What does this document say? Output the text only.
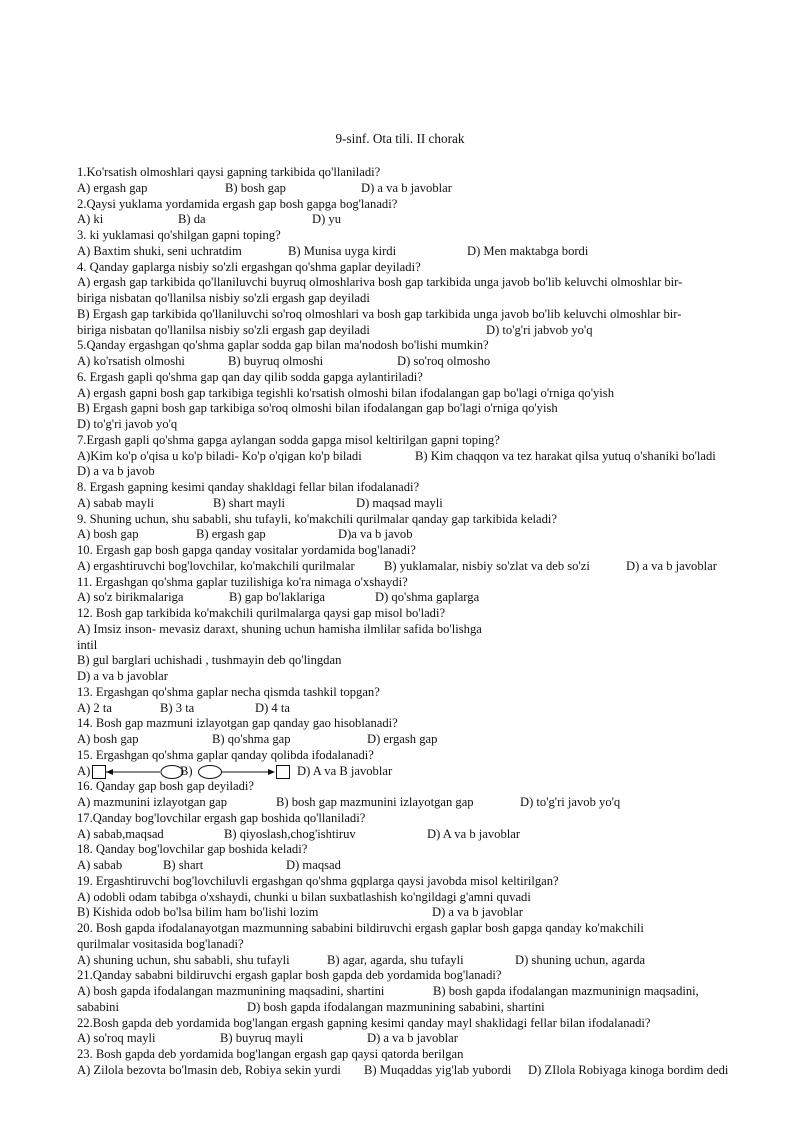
9-sinf. Ota tili. II chorak
1.Ko'rsatish olmoshlari qaysi gapning tarkibida qo'llaniladi?
A) ergash gap	B) bosh gap	D) a va b javoblar
2.Qaysi yuklama yordamida ergash gap bosh gapga bog'lanadi?
A) ki	B) da	D) yu
3. ki yuklamasi qo'shilgan gapni toping?
A) Baxtim shuki, seni uchratdim	B) Munisa uyga kirdi	D) Men maktabga bordi
4. Qanday gaplarga nisbiy so'zli ergashgan qo'shma gaplar deyiladi?
A) ergash gap tarkibida qo'llaniluvchi buyruq olmoshlariva bosh gap tarkibida unga javob bo'lib keluvchi olmoshlar bir-
biriga nisbatan qo'llanilsa nisbiy so'zli ergash gap deyiladi
B) Ergash gap tarkibida qo'llaniluvchi so'roq olmoshlari va bosh gap tarkibida unga javob bo'lib keluvchi olmoshlar bir-
biriga nisbatan qo'llanilsa nisbiy so'zli ergash gap deyiladi	D) to'g'ri jabvob yo'q
5.Qanday ergashgan qo'shma gaplar sodda gap bilan ma'nodosh bo'lishi mumkin?
A) ko'rsatish olmoshi	B) buyruq olmoshi	D) so'roq olmosho
6. Ergash gapli qo'shma gap qan day qilib sodda gapga aylantiriladi?
A) ergash gapni bosh gap tarkibiga tegishli ko'rsatish olmoshi bilan ifodalangan gap bo'lagi o'rniga qo'yish
B) Ergash gapni bosh gap tarkibiga so'roq olmoshi bilan ifodalangan gap bo'lagi o'rniga qo'yish
D) to'g'ri javob yo'q
7.Ergash gapli qo'shma gapga aylangan sodda gapga misol keltirilgan gapni toping?
A)Kim ko'p o'qisa u ko'p biladi- Ko'p o'qigan ko'p biladi	B) Kim chaqqon va tez harakat qilsa yutuq o'shaniki bo'ladi
D) a va b javob
8. Ergash gapning kesimi qanday shakldagi fellar bilan ifodalanadi?
A) sabab mayli	B) shart mayli	D) maqsad mayli
9. Shuning uchun, shu sababli, shu tufayli, ko'makchili qurilmalar qanday gap tarkibida keladi?
A) bosh gap	B) ergash gap	D)a va b javob
10. Ergash gap bosh gapga qanday vositalar yordamida bog'lanadi?
A) ergashtiruvchi bog'lovchilar, ko'makchili qurilmalar B) yuklamalar, nisbiy so'zlat va deb so'zi	D) a va b javoblar
11. Ergashgan qo'shma gaplar tuzilishiga ko'ra nimaga o'xshaydi?
A) so'z birikmalariga	B) gap bo'laklariga	D) qo'shma gaplarga
12. Bosh gap tarkibida ko'makchili qurilmalarga qaysi gap misol bo'ladi?
A) Imsiz inson- mevasiz daraxt, shuning uchun hamisha ilmlilar safida bo'lishga
intil
B) gul barglari uchishadi , tushmayin deb qo'lingdan
D) a va b javoblar
13. Ergashgan qo'shma gaplar necha qismda tashkil topgan?
A) 2 ta	B) 3 ta	D) 4 ta
14. Bosh gap mazmuni izlayotgan gap qanday gao hisoblanadi?
A) bosh gap	B) qo'shma gap	D) ergash gap
15. Ergashgan qo'shma gaplar qanday qolibda ifodalanadi?
A)	B)	D) A va B javoblar
16. Qanday gap bosh gap deyiladi?
A) mazmunini izlayotgan gap	B) bosh gap mazmunini izlayotgan gap	D) to'g'ri javob yo'q
17.Qanday bog'lovchilar ergash gap boshida qo'llaniladi?
A) sabab,maqsad	B) qiyoslash,chog'ishtiruv	D) A va b javoblar
18. Qanday bog'lovchilar gap boshida keladi?
A) sabab	B) shart	D) maqsad
19. Ergashtiruvchi bog'lovchiluvli ergashgan qo'shma gqplarga qaysi javobda misol keltirilgan?
A) odobli odam tabibga o'xshaydi, chunki u bilan suxbatlashish ko'ngildagi g'amni quvadi
B) Kishida odob bo'lsa bilim ham bo'lishi lozim	D) a va b javoblar
20. Bosh gapda ifodalanayotgan mazmunning sababini bildiruvchi ergash gaplar bosh gapga qanday ko'makchili
qurilmalar vositasida bog'lanadi?
A) shuning uchun, shu sababli, shu tufayli	B) agar, agarda, shu tufayli	D) shuning uchun, agarda
21.Qanday sababni bildiruvchi ergash gaplar bosh gapda deb yordamida bog'lanadi?
A) bosh gapda ifodalangan mazmunining maqsadini, shartini	B) bosh gapda ifodalangan mazmuninign maqsadini,
sababini	D) bosh gapda ifodalangan mazmunining sababini, shartini
22.Bosh gapda deb yordamida bog'langan ergash gapning kesimi qanday mayl shaklidagi fellar bilan ifodalanadi?
A) so'roq mayli	B) buyruq mayli	D) a va b javoblar
23. Bosh gapda deb yordamida bog'langan ergash gap qaysi qatorda berilgan
A) Zilola bezovta bo'lmasin deb, Robiya sekin yurdi B) Muqaddas yig'lab yubordi D) ZIlola Robiyaga kinoga bordim dedi
